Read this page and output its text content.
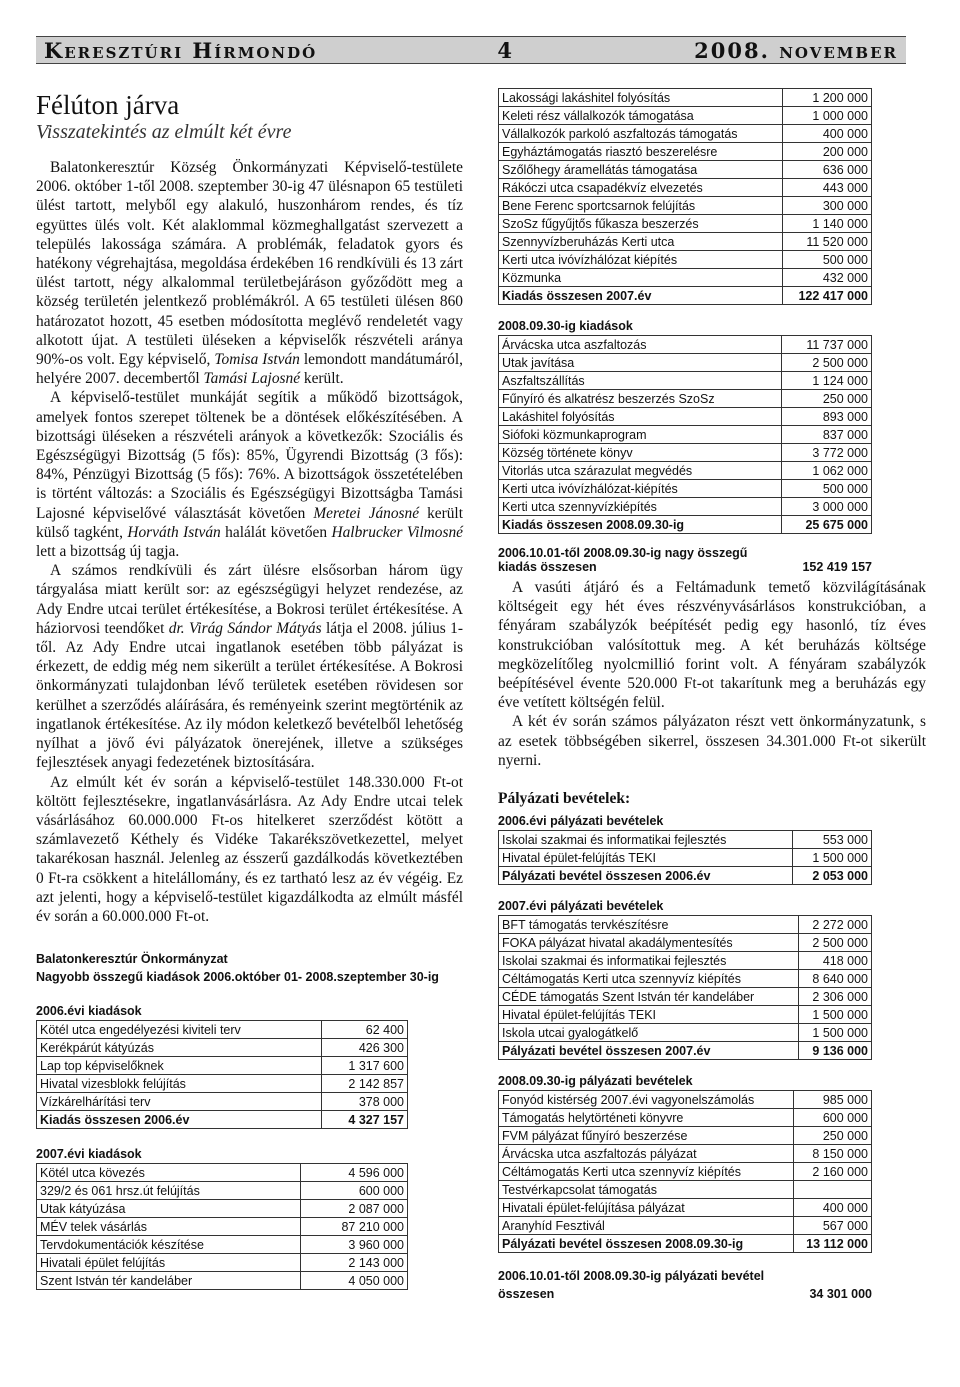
Keresztúri Hírmondó	4	2008. november
Félúton járva
Visszatekintés az elmúlt két évre

Balatonkeresztúr Község Önkormányzati Képviselő-testülete 2006. október 1-től 2008. szeptember 30-ig 47 ülésnapon 65 testületi ülést tartott, melyből egy alakuló, huszonhárom rendes, és tíz együttes ülés volt. Két alaklommal közmeghallgatást szervezett a település lakossága számára. A problémák, feladatok gyors és hatékony végrehajtása, megoldása érdekében 16 rendkívüli és 13 zárt ülést tartott, négy alkalommal területbejáráson győződött meg a község területén jelentkező problémákról. A 65 testületi ülésen 860 határozatot hozott, 45 esetben módosította meglévő rendeletét vagy alkotott újat. A testületi üléseken a képviselők részvételi aránya 90%-os volt. Egy képviselő, Tomisa István lemondott mandátumáról, helyére 2007. decembertől Tamási Lajosné került.

A képviselő-testület munkáját segítik a működő bizottságok, amelyek fontos szerepet töltenek be a döntések előkészítésében. A bizottsági üléseken a részvételi arányok a következők: Szociális és Egészségügyi Bizottság (5 fős): 85%, Ügyrendi Bizottság (3 fős): 84%, Pénzügyi Bizottság (5 fős): 76%. A bizottságok összetételében is történt változás: a Szociális és Egészségügyi Bizottságba Tamási Lajosné képviselővé választását követően Meretei Jánosné került külső tagként, Horváth István halálát követően Halbrucker Vilmosné lett a bizottság új tagja.

A számos rendkívüli és zárt ülésre elsősorban három ügy tárgyalása miatt került sor: az egészségügyi helyzet rendezése, az Ady Endre utcai terület értékesítése, a Bokrosi terület értékesítése. A háziorvosi teendőket dr. Virág Sándor Mátyás látja el 2008. július 1-től. Az Ady Endre utcai ingatlanok esetében több pályázat is érkezett, de eddig még nem sikerült a terület értékesítése. A Bokrosi önkormányzati tulajdonban lévő területek esetében rövidesen sor kerülhet a szerződés aláírására, és reményeink szerint megtörténik az ingatlanok értékesítése. Az ily módon keletkező bevételből lehetőség nyílhat a jövő évi pályázatok önerejének, illetve a szükséges fejlesztések anyagi fedezetének biztosítására.

Az elmúlt két év során a képviselő-testület 148.330.000 Ft-ot költött fejlesztésekre, ingatlanvásárlásra. Az Ady Endre utcai telek vásárlásához 60.000.000 Ft-os hitelkeret szerződést kötött a számlavezető Kéthely és Vidéke Takarékszövetkezettel, melyet takarékosan használ. Jelenleg az ésszerű gazdálkodás következtében 0 Ft-ra csökkent a hitelállomány, és ez tartható lesz az év végéig. Ez azt jelenti, hogy a képviselő-testület kigazdálkodta az elmúlt másfél év során a 60.000.000 Ft-ot.

Balatonkeresztúr Önkormányzat

Nagyobb összegű kiadások 2006.október 01- 2008.szeptember 30-ig

2006.évi kiadások

Kötél utca engedélyezési kiviteli terv	62 400
Kerékpárút kátyúzás	426 300
Lap top képviselőknek	1 317 600
Hivatal vizesblokk felújítás	2 142 857
Vízkárelhárítási terv	378 000
Kiadás összesen 2006.év	4 327 157

2007.évi kiadások

Kötél utca kövezés	4 596 000
329/2 és 061 hrsz.út felújítás	600 000
Utak kátyúzása	2 087 000
MÉV telek vásárlás	87 210 000
Tervdokumentációk készítése	3 960 000
Hivatali épület felújítás	2 143 000
Szent István tér kandeláber	4 050 000
Lakossági lakáshitel folyósítás	1 200 000
Keleti rész vállalkozók támogatása	1 000 000
Vállalkozók parkoló aszfaltozás támogatás	400 000
Egyháztámogatás riasztó beszerelésre	200 000
Szőlőhegy áramellátás támogatása	636 000
Rákóczi utca csapadékvíz elvezetés	443 000
Bene Ferenc sportcsarnok felújítás	300 000
SzoSz fűgyűjtős fűkasza beszerzés	1 140 000
Szennyvízberuházás Kerti utca	11 520 000
Kerti utca ivóvízhálózat kiépítés	500 000
Közmunka	432 000
Kiadás összesen 2007.év	122 417 000

2008.09.30-ig kiadások

Árvácska utca aszfaltozás	11 737 000
Utak javítása	2 500 000
Aszfaltszállítás	1 124 000
Fűnyíró és alkatrész beszerzés SzoSz	250 000
Lakáshitel folyósítás	893 000
Siófoki közmunkaprogram	837 000
Község története könyv	3 772 000
Vitorlás utca szárazulat megvédés	1 062 000
Kerti utca ivóvízhálózat-kiépítés	500 000
Kerti utca szennyvízkiépítés	3 000 000
Kiadás összesen 2008.09.30-ig	25 675 000
2006.10.01-től 2008.09.30-ig nagy összegű
kiadás összesen	152 419 157

A vasúti átjáró és a Feltámadunk temető közvilágításának költségeit egy hét éves részvényvásárlásos konstrukcióban, a fényáram szabályzók beépítését pedig egy hasonló, tíz éves konstrukcióban valósítottuk meg. A két beruházás költsége megközelítőleg nyolcmillió forint volt. A fényáram szabályzók beépítésével évente 520.000 Ft-ot takarítunk meg a beruházás egy éve vetített költségén felül.

A két év során számos pályázaton részt vett önkormányzatunk, s az esetek többségében sikerrel, összesen 34.301.000 Ft-ot sikerült nyerni.

Pályázati bevételek:

2006.évi pályázati bevételek

Iskolai szakmai és informatikai fejlesztés	553 000
Hivatal épület-felújítás TEKI	1 500 000
Pályázati bevétel összesen 2006.év	2 053 000

2007.évi pályázati bevételek

BFT támogatás tervkészítésre	2 272 000
FOKA pályázat hivatal akadálymentesítés	2 500 000
Iskolai szakmai és informatikai fejlesztés	418 000
Céltámogatás Kerti utca szennyvíz kiépítés	8 640 000
CÉDE támogatás Szent István tér kandeláber	2 306 000
Hivatal épület-felújítás TEKI	1 500 000
Iskola utcai gyalogátkelő	1 500 000
Pályázati bevétel összesen 2007.év	9 136 000

2008.09.30-ig pályázati bevételek

Fonyód kistérség 2007.évi vagyonelszámolás	985 000
Támogatás helytörténeti könyvre	600 000
FVM pályázat fűnyíró beszerzése	250 000
Árvácska utca aszfaltozás pályázat	8 150 000
Céltámogatás Kerti utca szennyvíz kiépítés	2 160 000
Testvérkapcsolat támogatás	
Hivatali épület-felújítása pályázat	400 000
Aranyhíd Fesztivál	567 000
Pályázati bevétel összesen 2008.09.30-ig	13 112 000
2006.10.01-től 2008.09.30-ig pályázati bevétel
összesen	34 301 000
